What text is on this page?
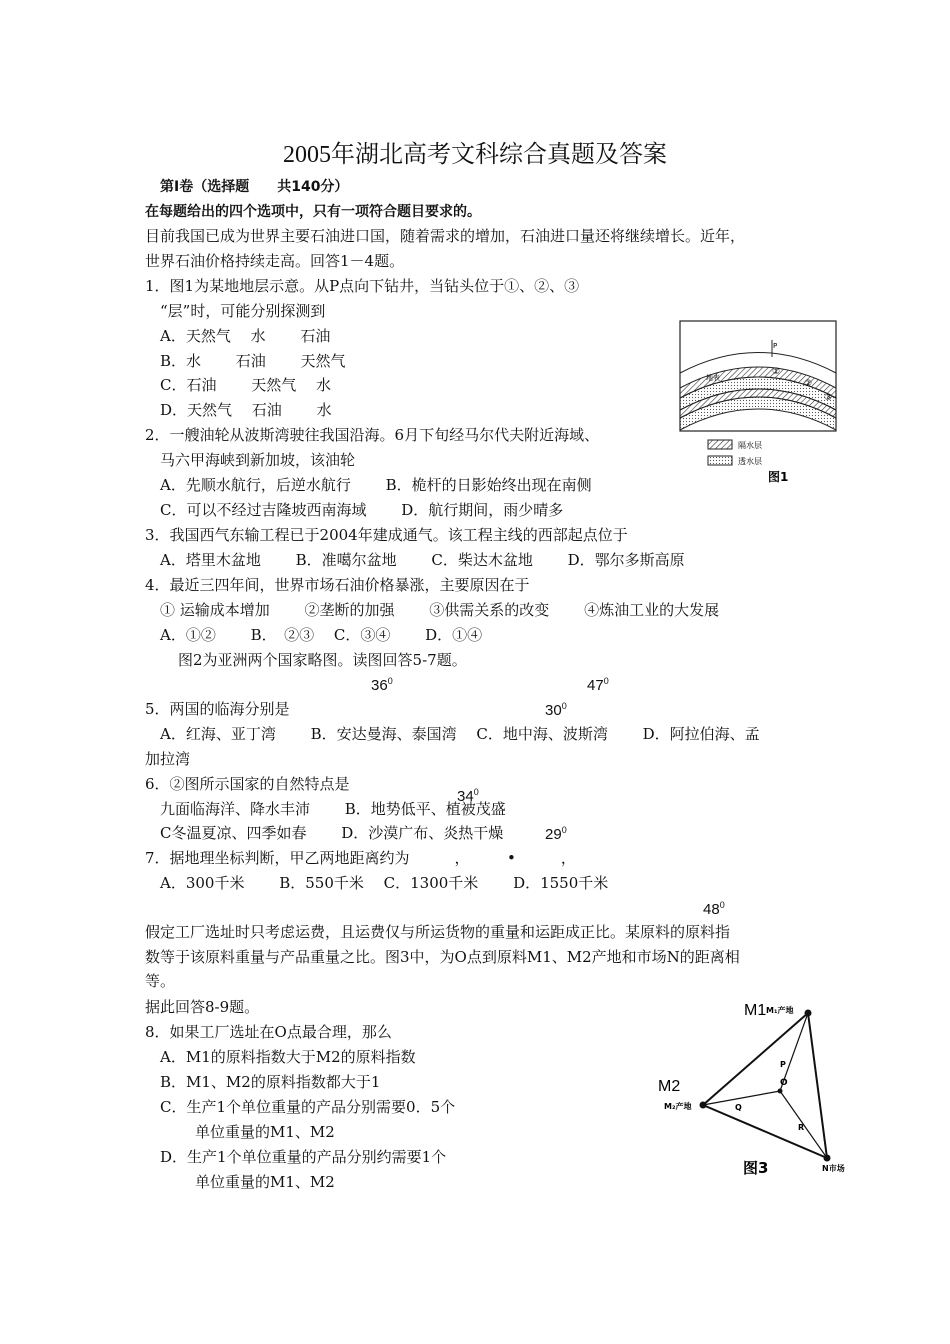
2005年湖北高考文科综合真题及答案
第Ⅰ卷（选择题　　共140分）
在每题给出的四个选项中，只有一项符合题目要求的。
目前我国已成为世界主要石油进口国，随着需求的增加，石油进口量还将继续增长。近年，
世界石油价格持续走高。回答1－4题。
1．图1为某地地层示意。从P点向下钻井，当钻头位于①、②、③
“层”时，可能分别探测到
A．天然气　 水　　 石油
B．水　　 石油　　 天然气
C．石油　　 天然气　 水
D．天然气　 石油　　 水
2．一艘油轮从波斯湾驶往我国沿海。6月下旬经马尔代夫附近海域、
马六甲海峡到新加坡，该油轮
A．先顺水航行，后逆水航行　　 B．桅杆的日影始终出现在南侧
C．可以不经过吉隆坡西南海域　　 D．航行期间，雨少晴多
3．我国西气东输工程已于2004年建成通气。该工程主线的西部起点位于
A．塔里木盆地　　 B．准噶尔盆地　　 C．柴达木盆地　　 D．鄂尔多斯高原
4．最近三四年间，世界市场石油价格暴涨，主要原因在于
① 运输成本增加　　 ②垄断的加强　　 ③供需关系的改变　　 ④炼油工业的大发展
A．①②　　 B．　②③　 C．③④　　 D．①④
图2为亚洲两个国家略图。读图回答5-7题。
$36^0$	$47^0$
$30^0$
5．两国的临海分别是
A．红海、亚丁湾　　 B．安达曼海、泰国湾　 C．地中海、波斯湾　　 D．阿拉伯海、孟
加拉湾
6．②图所示国家的自然特点是
九面临海洋、降水丰沛　　 B．地势低平、植被茂盛
C冬温夏凉、四季如春　　 D．沙漠广布、炎热干燥
$34^0$
$29^0$
7．据地理坐标判断，甲乙两地距离约为　　　，　　　•　　　，
A．300千米　　 B．550千米　 C．1300千米　　 D．1550千米
$48^0$
假定工厂选址时只考虑运费，且运费仅与所运货物的重量和运距成正比。某原料的原料指
数等于该原料重量与产品重量之比。图3中，为O点到原料M1、M2产地和市场N的距离相
等。
据此回答8-9题。
8．如果工厂选址在O点最合理，那么
A．M1的原料指数大于M2的原料指数
B．M1、M2的原料指数都大于1
C．生产1个单位重量的产品分别需要0．5个
单位重量的M1、M2
D．生产1个单位重量的产品分别约需要1个
单位重量的M1、M2
P
地表
①
②
③
隔水层
透水层
图1
M1 M₁产地
M2
M₂产地
N市场
O
P
Q
R
图3
